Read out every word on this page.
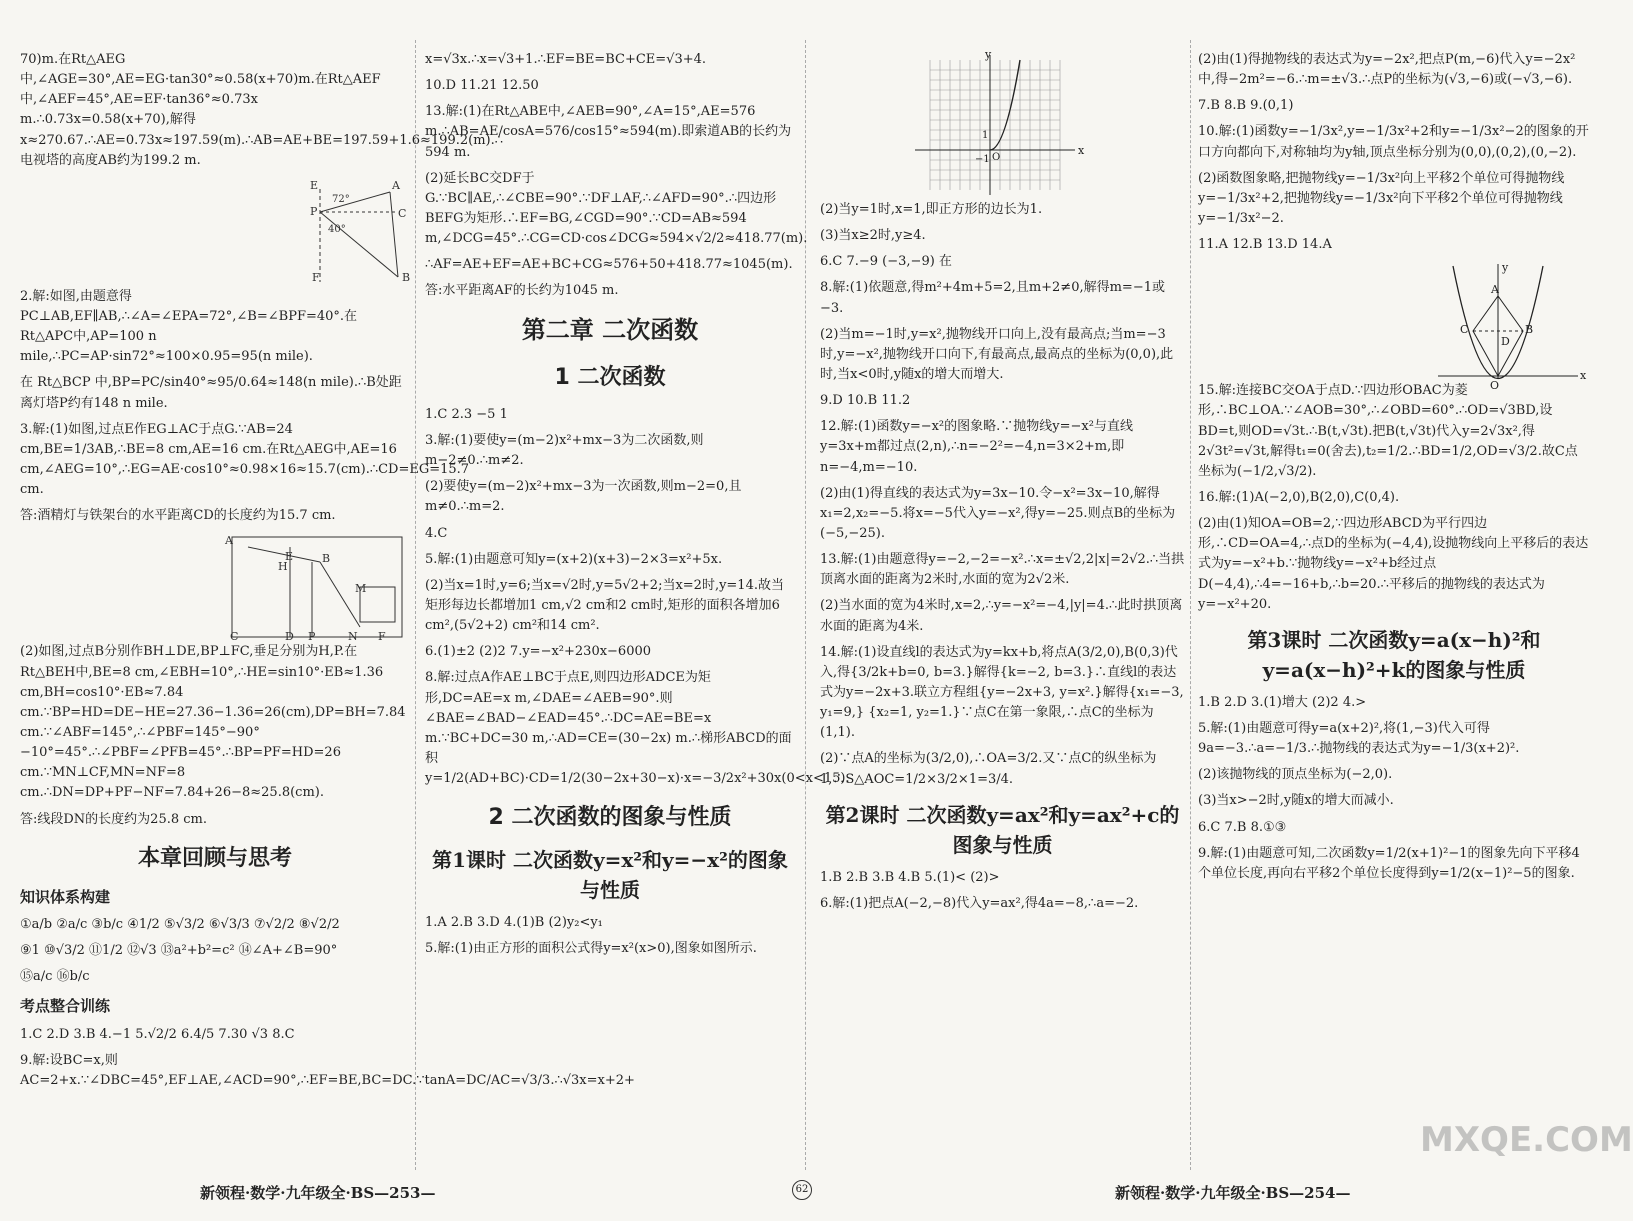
70)m.在Rt△AEG 中,∠AGE=30°,AE=EG·tan30°≈0.58(x+70)m.在Rt△AEF 中,∠AEF=45°,AE=EF·tan36°≈0.73x m.∴0.73x=0.58(x+70),解得 x≈270.67.∴AE=0.73x≈197.59(m).∴AB=AE+BE=197.59+1.6≈199.2(m).∴电视塔的高度AB约为199.2 m.

E	A
P	C
B
F
72°
40°

2.解:如图,由题意得 PC⊥AB,EF∥AB,∴∠A=∠EPA=72°,∠B=∠BPF=40°.在Rt△APC中,AP=100 n mile,∴PC=AP·sin72°≈100×0.95=95(n mile).

在 Rt△BCP 中,BP=PC/sin40°≈95/0.64≈148(n mile).∴B处距离灯塔P约有148 n mile.

3.解:(1)如图,过点E作EG⊥AC于点G.∵AB=24 cm,BE=1/3AB,∴BE=8 cm,AE=16 cm.在Rt△AEG中,AE=16 cm,∠AEG=10°,∴EG=AE·cos10°≈0.98×16≈15.7(cm).∴CD=EG=15.7 cm.

答:酒精灯与铁架台的水平距离CD的长度约为15.7 cm.

A
E	B
H
C	D P	N F
M

(2)如图,过点B分别作BH⊥DE,BP⊥FC,垂足分别为H,P.在Rt△BEH中,BE=8 cm,∠EBH=10°,∴HE=sin10°·EB≈1.36 cm,BH=cos10°·EB≈7.84 cm.∵BP=HD=DE−HE=27.36−1.36=26(cm),DP=BH=7.84 cm.∵∠ABF=145°,∴∠PBF=145°−90°−10°=45°.∴∠PBF=∠PFB=45°.∴BP=PF=HD=26 cm.∵MN⊥CF,MN=NF=8 cm.∴DN=DP+PF−NF=7.84+26−8≈25.8(cm).

答:线段DN的长度约为25.8 cm.

本章回顾与思考
知识体系构建

①a/b ②a/c ③b/c ④1/2 ⑤√3/2 ⑥√3/3 ⑦√2/2 ⑧√2/2

⑨1 ⑩√3/2 ⑪1/2 ⑫√3 ⑬a²+b²=c² ⑭∠A+∠B=90°

⑮a/c ⑯b/c

考点整合训练

1.C 2.D 3.B 4.−1 5.√2/2 6.4/5 7.30 √3 8.C

9.解:设BC=x,则AC=2+x.∵∠DBC=45°,EF⊥AE,∠ACD=90°,∴EF=BE,BC=DC.∵tanA=DC/AC=√3/3.∴√3x=x+2+

x=√3x.∴x=√3+1.∴EF=BE=BC+CE=√3+4.

10.D 11.21 12.50

13.解:(1)在Rt△ABE中,∠AEB=90°,∠A=15°,AE=576 m.∴AB=AE/cosA=576/cos15°≈594(m).即索道AB的长约为594 m.

(2)延长BC交DF于G.∵BC∥AE,∴∠CBE=90°.∵DF⊥AF,∴∠AFD=90°.∴四边形BEFG为矩形.∴EF=BG,∠CGD=90°.∵CD=AB≈594 m,∠DCG=45°.∴CG=CD·cos∠DCG≈594×√2/2≈418.77(m).

∴AF=AE+EF=AE+BC+CG≈576+50+418.77≈1045(m).

答:水平距离AF的长约为1045 m.

第二章 二次函数
1 二次函数

1.C 2.3 −5 1

3.解:(1)要使y=(m−2)x²+mx−3为二次函数,则m−2≠0.∴m≠2.

(2)要使y=(m−2)x²+mx−3为一次函数,则m−2=0,且m≠0.∴m=2.

4.C

5.解:(1)由题意可知y=(x+2)(x+3)−2×3=x²+5x.

(2)当x=1时,y=6;当x=√2时,y=5√2+2;当x=2时,y=14.故当矩形每边长都增加1 cm,√2 cm和2 cm时,矩形的面积各增加6 cm²,(5√2+2) cm²和14 cm².

6.(1)±2 (2)2 7.y=−x²+230x−6000

8.解:过点A作AE⊥BC于点E,则四边形ADCE为矩形,DC=AE=x m,∠DAE=∠AEB=90°.则∠BAE=∠BAD−∠EAD=45°.∴DC=AE=BE=x m.∵BC+DC=30 m,∴AD=CE=(30−2x) m.∴梯形ABCD的面积y=1/2(AD+BC)·CD=1/2(30−2x+30−x)·x=−3/2x²+30x(0<x<15).

2 二次函数的图象与性质
第1课时 二次函数y=x²和y=−x²的图象与性质

1.A 2.B 3.D 4.(1)B (2)y₂<y₁

5.解:(1)由正方形的面积公式得y=x²(x>0),图象如图所示.

y
x
O
1
−1

(2)当y=1时,x=1,即正方形的边长为1.

(3)当x≥2时,y≥4.

6.C 7.−9 (−3,−9) 在

8.解:(1)依题意,得m²+4m+5=2,且m+2≠0,解得m=−1或−3.

(2)当m=−1时,y=x²,抛物线开口向上,没有最高点;当m=−3时,y=−x²,抛物线开口向下,有最高点,最高点的坐标为(0,0),此时,当x<0时,y随x的增大而增大.

9.D 10.B 11.2

12.解:(1)函数y=−x²的图象略.∵抛物线y=−x²与直线y=3x+m都过点(2,n),∴n=−2²=−4,n=3×2+m,即n=−4,m=−10.

(2)由(1)得直线的表达式为y=3x−10.令−x²=3x−10,解得x₁=2,x₂=−5.将x=−5代入y=−x²,得y=−25.则点B的坐标为(−5,−25).

13.解:(1)由题意得y=−2,−2=−x².∴x=±√2,2|x|=2√2.∴当拱顶离水面的距离为2米时,水面的宽为2√2米.

(2)当水面的宽为4米时,x=2,∴y=−x²=−4,|y|=4.∴此时拱顶离水面的距离为4米.

14.解:(1)设直线l的表达式为y=kx+b,将点A(3/2,0),B(0,3)代入,得{3/2k+b=0, b=3.}解得{k=−2, b=3.}∴直线l的表达式为y=−2x+3.联立方程组{y=−2x+3, y=x².}解得{x₁=−3, y₁=9,} {x₂=1, y₂=1.}∵点C在第一象限,∴点C的坐标为(1,1).

(2)∵点A的坐标为(3/2,0),∴OA=3/2.又∵点C的纵坐标为1,∴S△AOC=1/2×3/2×1=3/4.

第2课时 二次函数y=ax²和y=ax²+c的图象与性质

1.B 2.B 3.B 4.B 5.(1)< (2)>

6.解:(1)把点A(−2,−8)代入y=ax²,得4a=−8,∴a=−2.

(2)由(1)得抛物线的表达式为y=−2x²,把点P(m,−6)代入y=−2x²中,得−2m²=−6.∴m=±√3.∴点P的坐标为(√3,−6)或(−√3,−6).

7.B 8.B 9.(0,1)

10.解:(1)函数y=−1/3x²,y=−1/3x²+2和y=−1/3x²−2的图象的开口方向都向下,对称轴均为y轴,顶点坐标分别为(0,0),(0,2),(0,−2).

(2)函数图象略,把抛物线y=−1/3x²向上平移2个单位可得抛物线y=−1/3x²+2,把抛物线y=−1/3x²向下平移2个单位可得抛物线y=−1/3x²−2.

11.A 12.B 13.D 14.A

A
B
C
D
O
x
y

15.解:连接BC交OA于点D.∵四边形OBAC为菱形,∴BC⊥OA.∵∠AOB=30°,∴∠OBD=60°.∴OD=√3BD,设BD=t,则OD=√3t.∴B(t,√3t).把B(t,√3t)代入y=2√3x²,得2√3t²=√3t,解得t₁=0(舍去),t₂=1/2.∴BD=1/2,OD=√3/2.故C点坐标为(−1/2,√3/2).

16.解:(1)A(−2,0),B(2,0),C(0,4).

(2)由(1)知OA=OB=2,∵四边形ABCD为平行四边形,∴CD=OA=4,∴点D的坐标为(−4,4),设抛物线向上平移后的表达式为y=−x²+b.∵抛物线y=−x²+b经过点D(−4,4),∴4=−16+b,∴b=20.∴平移后的抛物线的表达式为y=−x²+20.

第3课时 二次函数y=a(x−h)²和y=a(x−h)²+k的图象与性质

1.B 2.D 3.(1)增大 (2)2 4.>

5.解:(1)由题意可得y=a(x+2)²,将(1,−3)代入可得9a=−3.∴a=−1/3.∴抛物线的表达式为y=−1/3(x+2)².

(2)该抛物线的顶点坐标为(−2,0).

(3)当x>−2时,y随x的增大而减小.

6.C 7.B 8.①③

9.解:(1)由题意可知,二次函数y=1/2(x+1)²−1的图象先向下平移4个单位长度,再向右平移2个单位长度得到y=1/2(x−1)²−5的图象.

新领程·数学·九年级全·BS—253—	62	新领程·数学·九年级全·BS—254—
MXQE.COM
